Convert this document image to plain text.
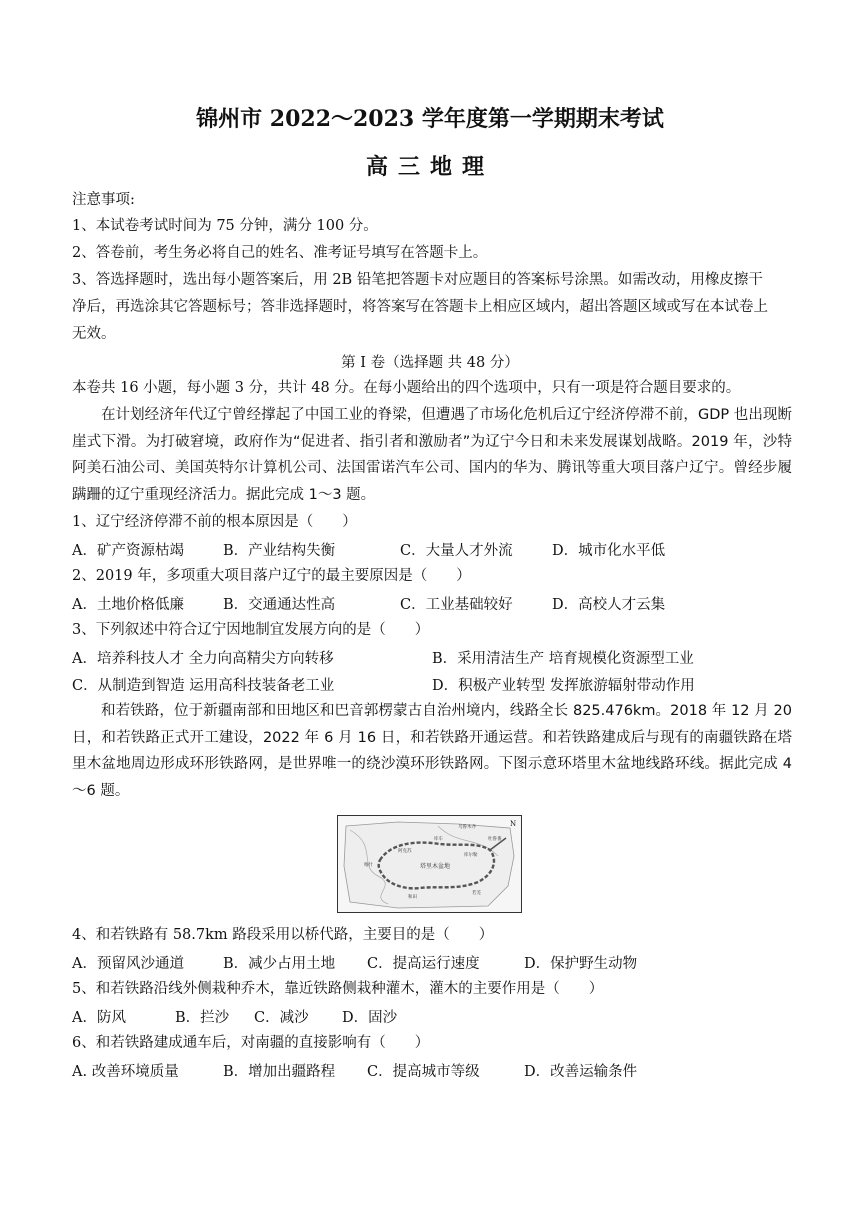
锦州市 2022～2023 学年度第一学期期末考试
高三地理
注意事项:
1、本试卷考试时间为 75 分钟，满分 100 分。
2、答卷前，考生务必将自己的姓名、准考证号填写在答题卡上。
3、答选择题时，选出每小题答案后，用 2B 铅笔把答题卡对应题目的答案标号涂黑。如需改动，用橡皮擦干
净后，再选涂其它答题标号；答非选择题时，将答案写在答题卡上相应区域内，超出答题区域或写在本试卷上
无效。
第 I 卷（选择题 共 48 分）
本卷共 16 小题，每小题 3 分，共计 48 分。在每小题给出的四个选项中，只有一项是符合题目要求的。
在计划经济年代辽宁曾经撑起了中国工业的脊梁，但遭遇了市场化危机后辽宁经济停滞不前，GDP 也出现断崖式下滑。为打破窘境，政府作为“促进者、指引者和激励者”为辽宁今日和未来发展谋划战略。2019 年，沙特阿美石油公司、美国英特尔计算机公司、法国雷诺汽车公司、国内的华为、腾讯等重大项目落户辽宁。曾经步履蹒跚的辽宁重现经济活力。据此完成 1～3 题。
1、辽宁经济停滞不前的根本原因是（　　）
A．矿产资源枯竭	B．产业结构失衡	C．大量人才外流	D．城市化水平低
2、2019 年，多项重大项目落户辽宁的最主要原因是（　　）
A．土地价格低廉	B．交通通达性高	C．工业基础较好	D．高校人才云集
3、下列叙述中符合辽宁因地制宜发展方向的是（　　）
A．培养科技人才 全力向高精尖方向转移	B．采用清洁生产 培育规模化资源型工业
C．从制造到智造 运用高科技装备老工业	D．积极产业转型 发挥旅游辐射带动作用
和若铁路，位于新疆南部和田地区和巴音郭楞蒙古自治州境内，线路全长 825.476km。2018 年 12 月 20 日，和若铁路正式开工建设，2022 年 6 月 16 日，和若铁路开通运营。和若铁路建成后与现有的南疆铁路在塔里木盆地周边形成环形铁路网，是世界唯一的绕沙漠环形铁路网。下图示意环塔里木盆地线路环线。据此完成 4～6 题。
塔里木盆地
N
乌鲁木齐
库尔勒
阿克苏
喀什
和田
若羌
吐鲁番
库车
4、和若铁路有 58.7km 路段采用以桥代路，主要目的是（　　）
A．预留风沙通道	B．减少占用土地 C．提高运行速度	D．保护野生动物
5、和若铁路沿线外侧栽种乔木，靠近铁路侧栽种灌木，灌木的主要作用是（　　）
A．防风	B．拦沙 C．减沙 D．固沙
6、和若铁路建成通车后，对南疆的直接影响有（　　）
A. 改善环境质量	B．增加出疆路程 C．提高城市等级	D．改善运输条件
